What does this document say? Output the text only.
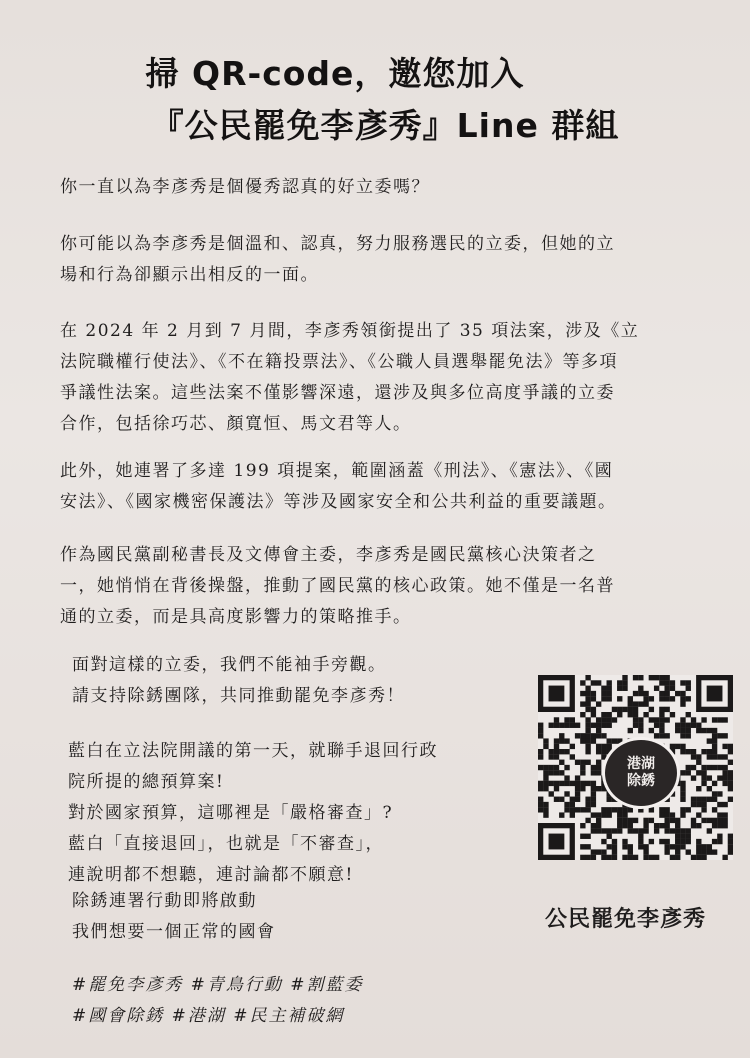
掃 QR-code，邀您加入
『公民罷免李彥秀』Line 群組
你一直以為李彥秀是個優秀認真的好立委嗎？
你可能以為李彥秀是個溫和、認真，努力服務選民的立委，但她的立
場和行為卻顯示出相反的一面。
在 2024 年 2 月到 7 月間，李彥秀領銜提出了 35 項法案，涉及《立
法院職權行使法》、《不在籍投票法》、《公職人員選舉罷免法》等多項
爭議性法案。這些法案不僅影響深遠，還涉及與多位高度爭議的立委
合作，包括徐巧芯、顏寬恒、馬文君等人。
此外，她連署了多達 199 項提案，範圍涵蓋《刑法》、《憲法》、《國
安法》、《國家機密保護法》等涉及國家安全和公共利益的重要議題。
作為國民黨副秘書長及文傳會主委，李彥秀是國民黨核心決策者之
一，她悄悄在背後操盤，推動了國民黨的核心政策。她不僅是一名普
通的立委，而是具高度影響力的策略推手。
面對這樣的立委，我們不能袖手旁觀。
請支持除銹團隊，共同推動罷免李彥秀！
藍白在立法院開議的第一天，就聯手退回行政
院所提的總預算案!
對於國家預算，這哪裡是「嚴格審查」?
藍白「直接退回」，也就是「不審查」，
連說明都不想聽，連討論都不願意!
除銹連署行動即將啟動
我們想要一個正常的國會
#罷免李彥秀 #青鳥行動 #割藍委
#國會除銹 #港湖 #民主補破網
港湖
除銹
公民罷免李彥秀
